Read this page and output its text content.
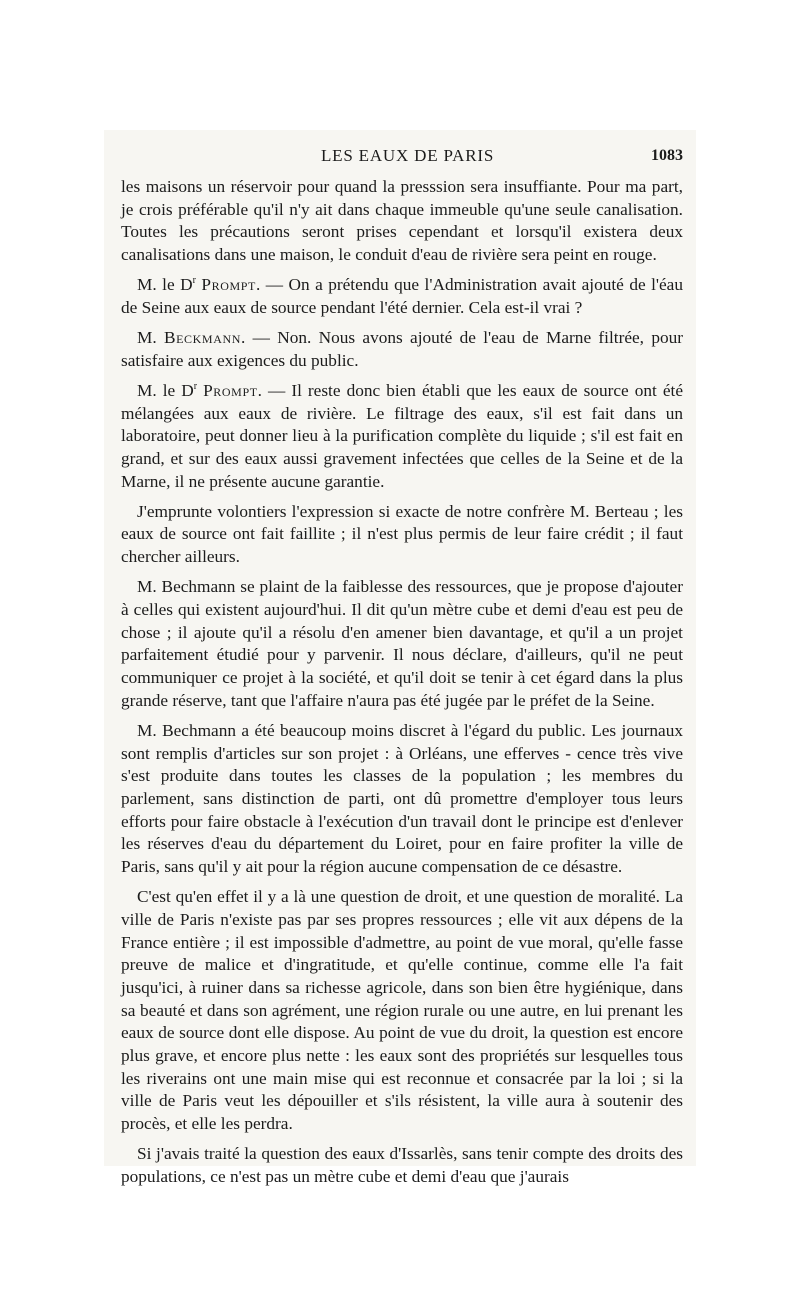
LES EAUX DE PARIS	1083

les maisons un réservoir pour quand la presssion sera insuffiante. Pour ma part, je crois préférable qu'il n'y ait dans chaque immeuble qu'une seule canalisation. Toutes les précautions seront prises cependant et lorsqu'il existera deux canalisations dans une maison, le conduit d'eau de rivière sera peint en rouge.

M. le $D^r$ Prompt. — On a prétendu que l'Administration avait ajouté de l'éau de Seine aux eaux de source pendant l'été dernier. Cela est-il vrai ?

M. Beckmann. — Non. Nous avons ajouté de l'eau de Marne filtrée, pour satisfaire aux exigences du public.

M. le $D^r$ Prompt. — Il reste donc bien établi que les eaux de source ont été mélangées aux eaux de rivière. Le filtrage des eaux, s'il est fait dans un laboratoire, peut donner lieu à la purification complète du liquide ; s'il est fait en grand, et sur des eaux aussi gravement infectées que celles de la Seine et de la Marne, il ne présente aucune garantie.

J'emprunte volontiers l'expression si exacte de notre confrère M. Berteau ; les eaux de source ont fait faillite ; il n'est plus permis de leur faire crédit ; il faut chercher ailleurs.

M. Bechmann se plaint de la faiblesse des ressources, que je propose d'ajouter à celles qui existent aujourd'hui. Il dit qu'un mètre cube et demi d'eau est peu de chose ; il ajoute qu'il a résolu d'en amener bien davantage, et qu'il a un projet parfaitement étudié pour y parvenir. Il nous déclare, d'ailleurs, qu'il ne peut communiquer ce projet à la société, et qu'il doit se tenir à cet égard dans la plus grande réserve, tant que l'affaire n'aura pas été jugée par le préfet de la Seine.

M. Bechmann a été beaucoup moins discret à l'égard du public. Les journaux sont remplis d'articles sur son projet : à Orléans, une efferves - cence très vive s'est produite dans toutes les classes de la population ; les membres du parlement, sans distinction de parti, ont dû promettre d'employer tous leurs efforts pour faire obstacle à l'exécution d'un travail dont le principe est d'enlever les réserves d'eau du département du Loiret, pour en faire profiter la ville de Paris, sans qu'il y ait pour la région aucune compensation de ce désastre.

C'est qu'en effet il y a là une question de droit, et une question de moralité. La ville de Paris n'existe pas par ses propres ressources ; elle vit aux dépens de la France entière ; il est impossible d'admettre, au point de vue moral, qu'elle fasse preuve de malice et d'ingratitude, et qu'elle continue, comme elle l'a fait jusqu'ici, à ruiner dans sa richesse agricole, dans son bien être hygiénique, dans sa beauté et dans son agrément, une région rurale ou une autre, en lui prenant les eaux de source dont elle dispose. Au point de vue du droit, la question est encore plus grave, et encore plus nette : les eaux sont des propriétés sur lesquelles tous les riverains ont une main mise qui est reconnue et consacrée par la loi ; si la ville de Paris veut les dépouiller et s'ils résistent, la ville aura à soutenir des procès, et elle les perdra.

Si j'avais traité la question des eaux d'Issarlès, sans tenir compte des droits des populations, ce n'est pas un mètre cube et demi d'eau que j'aurais
